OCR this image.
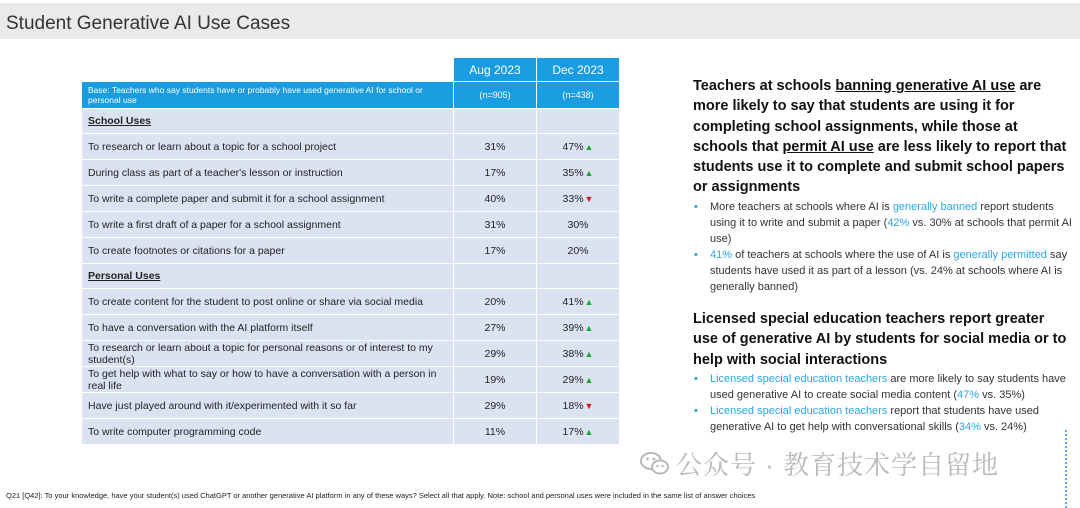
Student Generative AI Use Cases
	Aug 2023	Dec 2023
Base: Teachers who say students have or probably have used generative AI for school or personal use	(n=905)	(n=438)
School Uses		
To research or learn about a topic for a school project	31%	47%▲
During class as part of a teacher's lesson or instruction	17%	35%▲
To write a complete paper and submit it for a school assignment	40%	33%▼
To write a first draft of a paper for a school assignment	31%	30%
To create footnotes or citations for a paper	17%	20%
Personal Uses		
To create content for the student to post online or share via social media	20%	41%▲
To have a conversation with the AI platform itself	27%	39%▲
To research or learn about a topic for personal reasons or of interest to my student(s)	29%	38%▲
To get help with what to say or how to have a conversation with a person in real life	19%	29%▲
Have just played around with it/experimented with it so far	29%	18%▼
To write computer programming code	11%	17%▲
Teachers at schools banning generative AI use are more likely to say that students are using it for completing school assignments, while those at schools that permit AI use are less likely to report that students use it to complete and submit school papers or assignments
• More teachers at schools where AI is generally banned report students using it to write and submit a paper (42% vs. 30% at schools that permit AI use)
• 41% of teachers at schools where the use of AI is generally permitted say students have used it as part of a lesson (vs. 24% at schools where AI is generally banned)
Licensed special education teachers report greater use of generative AI by students for social media or to help with social interactions
• Licensed special education teachers are more likely to say students have used generative AI to create social media content (47% vs. 35%)
• Licensed special education teachers report that students have used generative AI to get help with conversational skills (34% vs. 24%)
公众号 · 教育技术学自留地
Q21 [Q42]: To your knowledge, have your student(s) used ChatGPT or another generative AI platform in any of these ways? Select all that apply. Note: school and personal uses were included in the same list of answer choices
